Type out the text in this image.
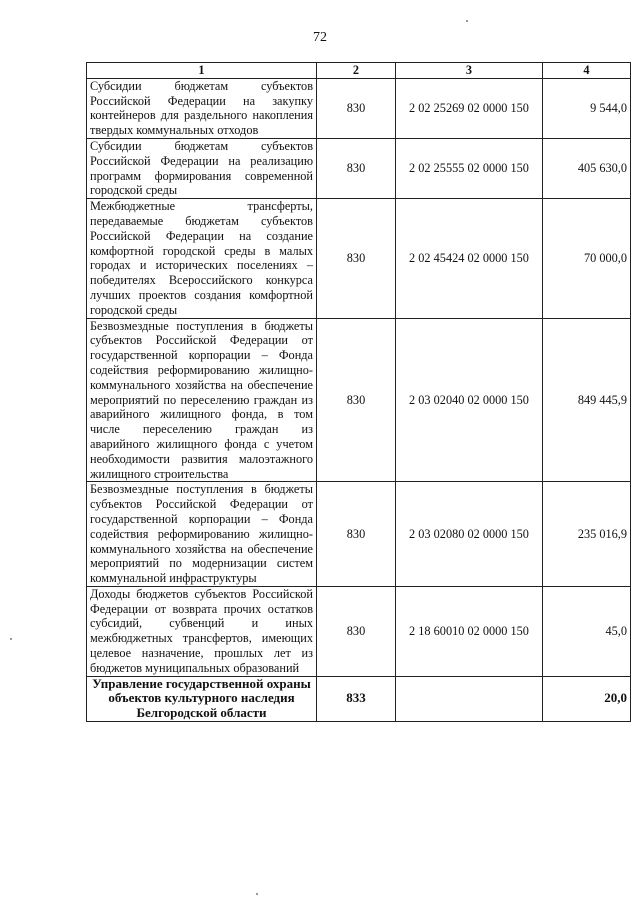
72
1	2	3	4
Субсидии бюджетам субъектов Российской Федерации на закупку контейнеров для раздельного накопления твердых коммунальных отходов	830	2 02 25269 02 0000 150	9 544,0
Субсидии бюджетам субъектов Российской Федерации на реализацию программ формирования современной городской среды	830	2 02 25555 02 0000 150	405 630,0
Межбюджетные трансферты, передаваемые бюджетам субъектов Российской Федерации на создание комфортной городской среды в малых городах и исторических поселениях – победителях Всероссийского конкурса лучших проектов создания комфортной городской среды	830	2 02 45424 02 0000 150	70 000,0
Безвозмездные поступления в бюджеты субъектов Российской Федерации от государственной корпорации – Фонда содействия реформированию жилищно-коммунального хозяйства на обеспечение мероприятий по переселению граждан из аварийного жилищного фонда, в том числе переселению граждан из аварийного жилищного фонда с учетом необходимости развития малоэтажного жилищного строительства	830	2 03 02040 02 0000 150	849 445,9
Безвозмездные поступления в бюджеты субъектов Российской Федерации от государственной корпорации – Фонда содействия реформированию жилищно-коммунального хозяйства на обеспечение мероприятий по модернизации систем коммунальной инфраструктуры	830	2 03 02080 02 0000 150	235 016,9
Доходы бюджетов субъектов Российской Федерации от возврата прочих остатков субсидий, субвенций и иных межбюджетных трансфертов, имеющих целевое назначение, прошлых лет из бюджетов муниципальных образований	830	2 18 60010 02 0000 150	45,0
Управление государственной охраны объектов культурного наследия Белгородской области	833		20,0
